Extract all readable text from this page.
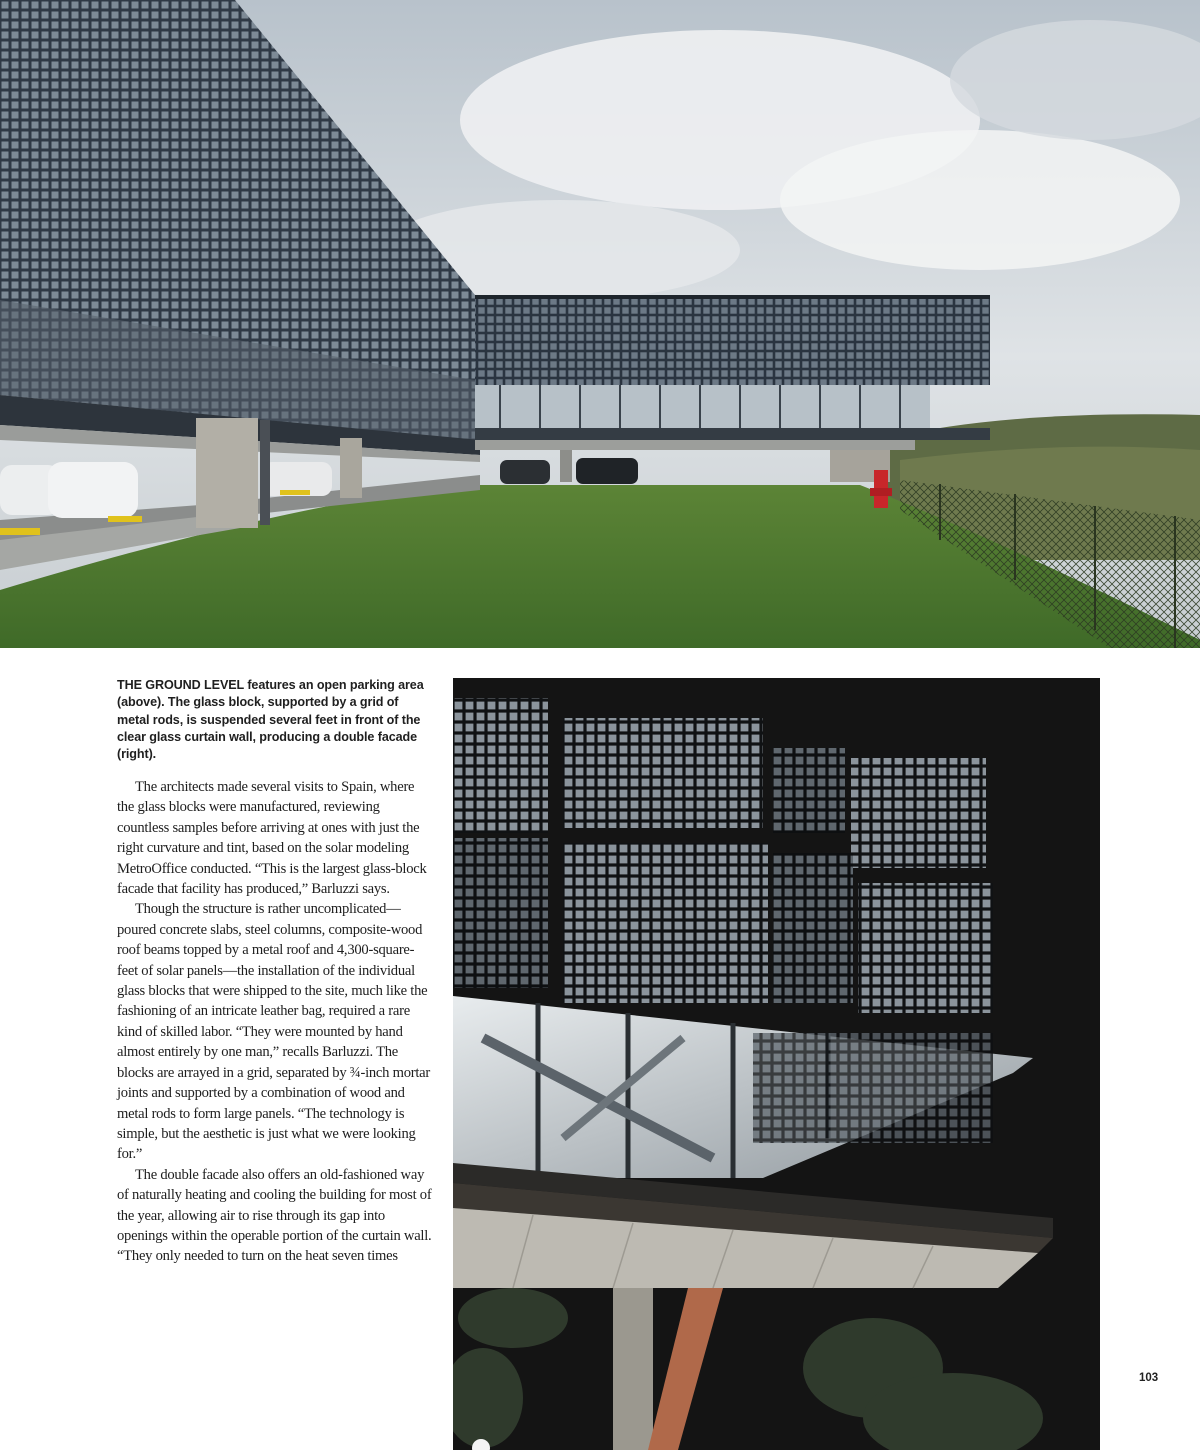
THE GROUND LEVEL features an open parking area (above). The glass block, supported by a grid of metal rods, is suspended several feet in front of the clear glass curtain wall, producing a double facade (right).

The architects made several visits to Spain, where the glass blocks were manufactured, reviewing countless samples before arriving at ones with just the right curvature and tint, based on the solar modeling MetroOffice conducted. “This is the largest glass-block facade that facility has produced,” Barluzzi says.

Though the structure is rather uncomplicated—poured concrete slabs, steel columns, composite-wood roof beams topped by a metal roof and 4,300-square-feet of solar panels—the installation of the individual glass blocks that were shipped to the site, much like the fashioning of an intricate leather bag, required a rare kind of skilled labor. “They were mounted by hand almost entirely by one man,” recalls Barluzzi. The blocks are arrayed in a grid, separated by ¾-inch mortar joints and supported by a combination of wood and metal rods to form large panels. “The technology is simple, but the aesthetic is just what we were looking for.”

The double facade also offers an old-fashioned way of naturally heating and cooling the building for most of the year, allowing air to rise through its gap into openings within the operable portion of the curtain wall. “They only needed to turn on the heat seven times

103
